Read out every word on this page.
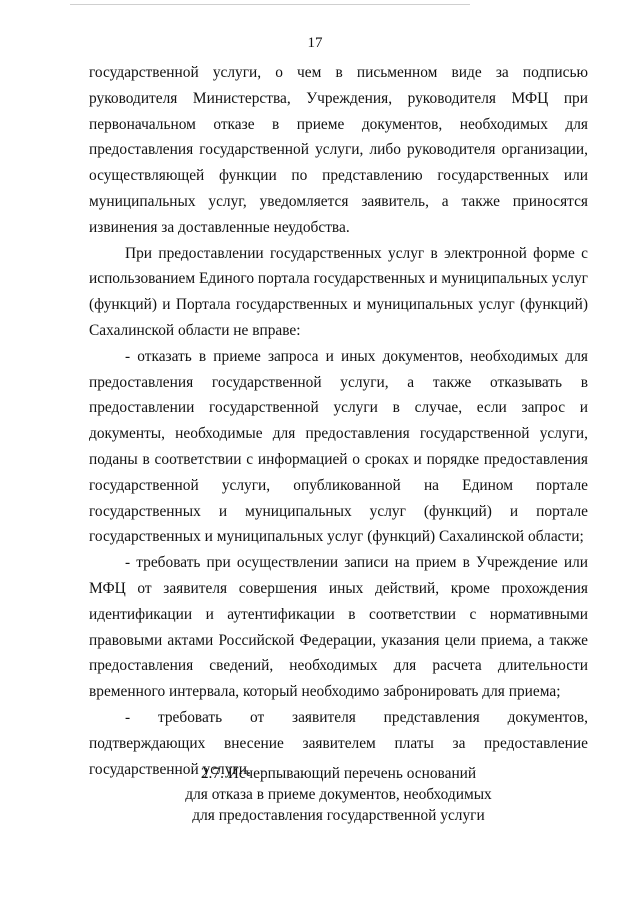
17

государственной услуги, о чем в письменном виде за подписью руководителя Министерства, Учреждения, руководителя МФЦ при первоначальном отказе в приеме документов, необходимых для предоставления государственной услуги, либо руководителя организации, осуществляющей функции по представлению государственных или муниципальных услуг, уведомляется заявитель, а также приносятся извинения за доставленные неудобства.

При предоставлении государственных услуг в электронной форме с использованием Единого портала государственных и муниципальных услуг (функций) и Портала государственных и муниципальных услуг (функций) Сахалинской области не вправе:

- отказать в приеме запроса и иных документов, необходимых для предоставления государственной услуги, а также отказывать в предоставлении государственной услуги в случае, если запрос и документы, необходимые для предоставления государственной услуги, поданы в соответствии с информацией о сроках и порядке предоставления государственной услуги, опубликованной на Едином портале государственных и муниципальных услуг (функций) и портале государственных и муниципальных услуг (функций) Сахалинской области;

- требовать при осуществлении записи на прием в Учреждение или МФЦ от заявителя совершения иных действий, кроме прохождения идентификации и аутентификации в соответствии с нормативными правовыми актами Российской Федерации, указания цели приема, а также предоставления сведений, необходимых для расчета длительности временного интервала, который необходимо забронировать для приема;

- требовать от заявителя представления документов, подтверждающих внесение заявителем платы за предоставление государственной услуги.

2.7. Исчерпывающий перечень оснований
для отказа в приеме документов, необходимых
для предоставления государственной услуги
